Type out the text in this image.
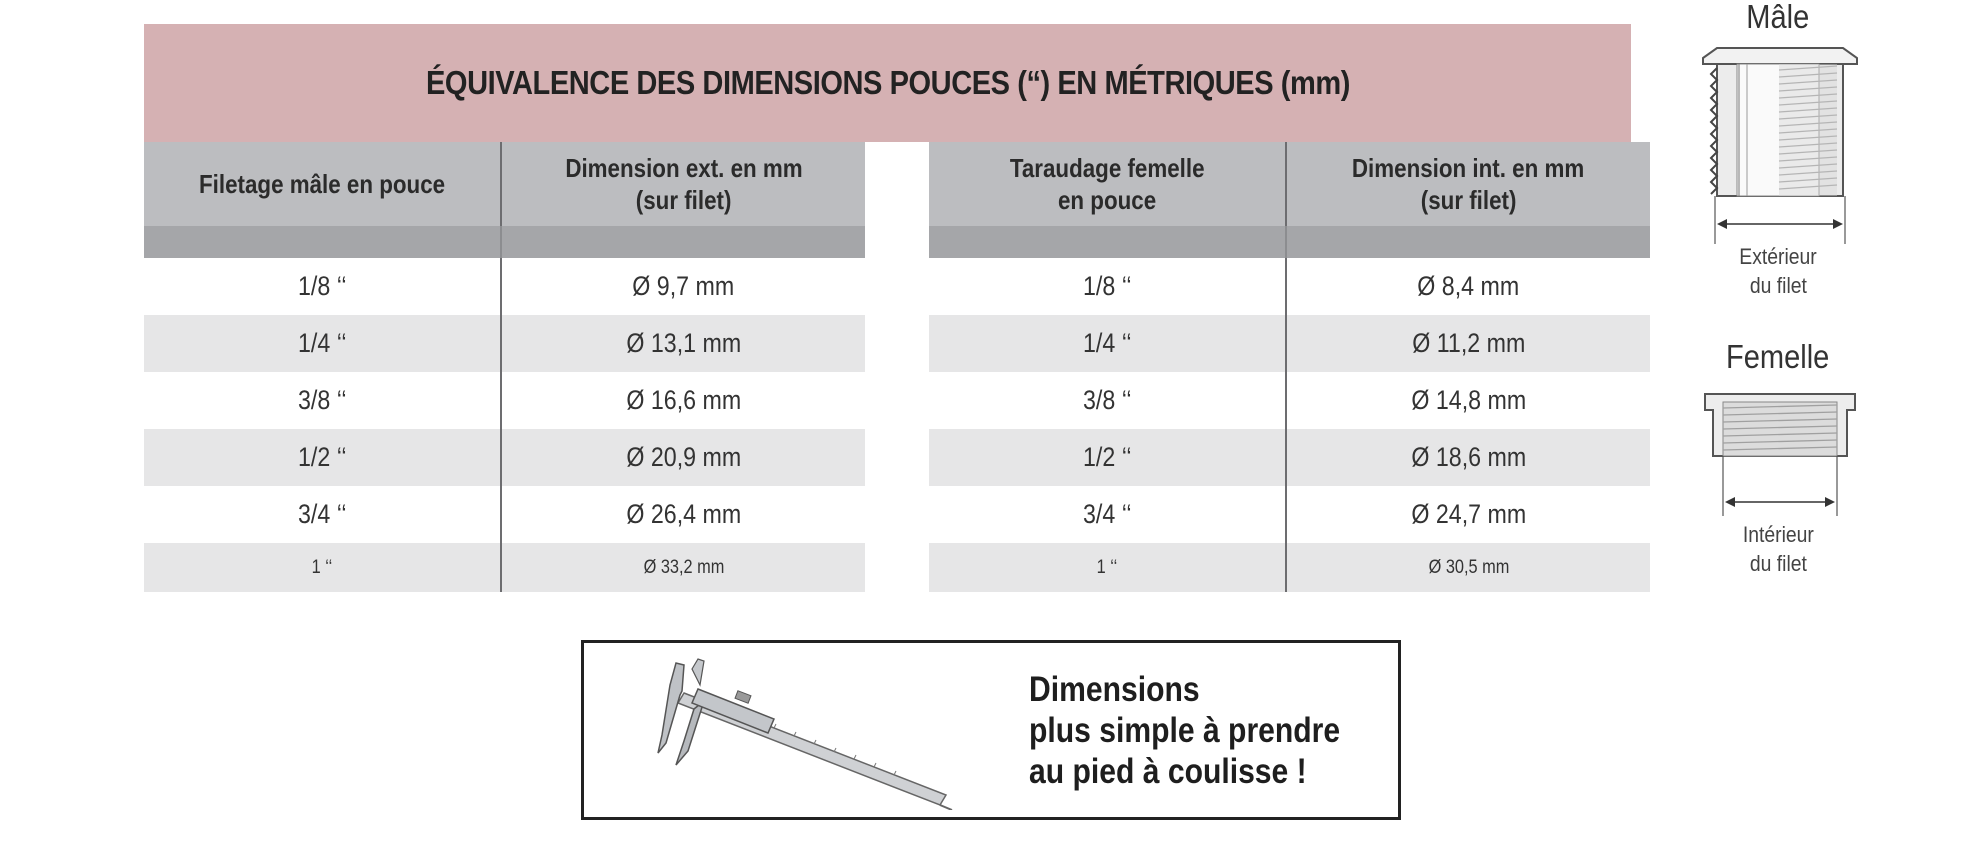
ÉQUIVALENCE DES DIMENSIONS POUCES (“) EN MÉTRIQUES (mm)
Filetage mâle en pouce	Dimension ext. en mm
(sur filet)

1/8 ‘‘	Ø 9,7 mm
1/4 ‘‘	Ø 13,1 mm
3/8 ‘‘	Ø 16,6 mm
1/2 ‘‘	Ø 20,9 mm
3/4 ‘‘	Ø 26,4 mm
1 ‘‘	Ø 33,2 mm
Taraudage femelle
en pouce	Dimension int. en mm
(sur filet)

1/8 ‘‘	Ø 8,4 mm
1/4 ‘‘	Ø 11,2 mm
3/8 ‘‘	Ø 14,8 mm
1/2 ‘‘	Ø 18,6 mm
3/4 ‘‘	Ø 24,7 mm
1 ‘‘	Ø 30,5 mm
Mâle
Extérieur
du filet
Femelle
Intérieur
du filet
Dimensions
plus simple à prendre
au pied à coulisse !
